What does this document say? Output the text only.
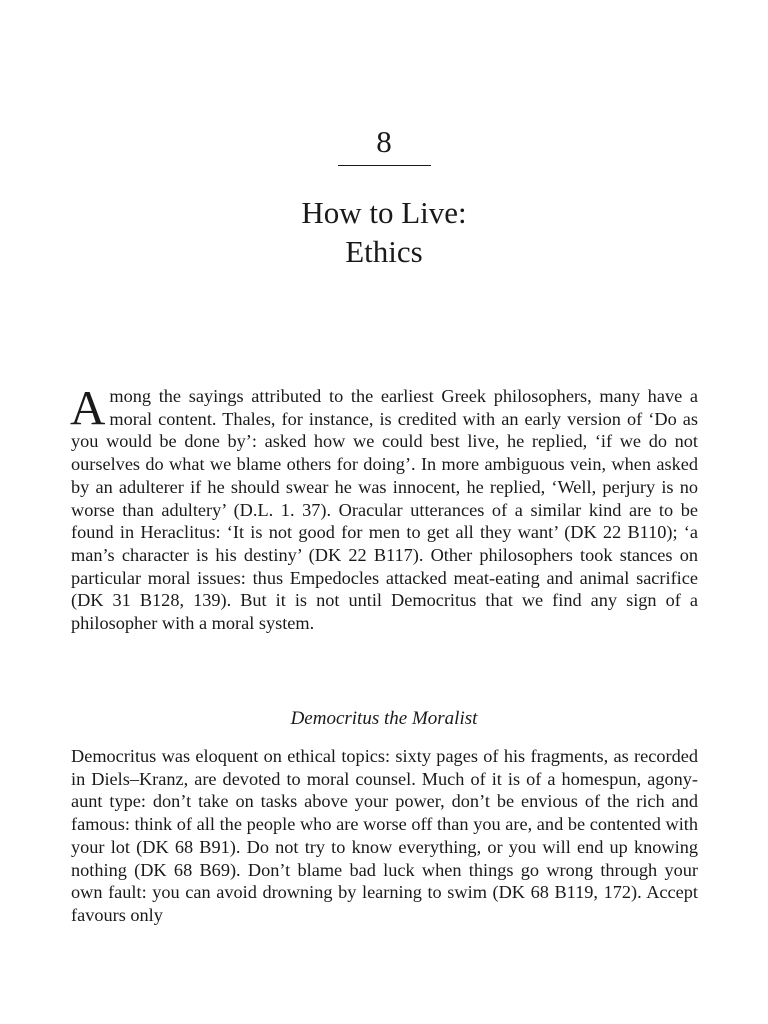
8
How to Live:
Ethics
Among the sayings attributed to the earliest Greek philosophers, many have a moral content. Thales, for instance, is credited with an early version of ‘Do as you would be done by’: asked how we could best live, he replied, ‘if we do not ourselves do what we blame others for doing’. In more ambiguous vein, when asked by an adulterer if he should swear he was innocent, he replied, ‘Well, perjury is no worse than adultery’ (D.L. 1. 37). Oracular utterances of a similar kind are to be found in Heraclitus: ‘It is not good for men to get all they want’ (DK 22 B110); ‘a man’s character is his destiny’ (DK 22 B117). Other philosophers took stances on particular moral issues: thus Empedocles attacked meat-eating and animal sacrifice (DK 31 B128, 139). But it is not until Democritus that we find any sign of a philosopher with a moral system.
Democritus the Moralist
Democritus was eloquent on ethical topics: sixty pages of his fragments, as recorded in Diels–Kranz, are devoted to moral counsel. Much of it is of a homespun, agony-aunt type: don’t take on tasks above your power, don’t be envious of the rich and famous: think of all the people who are worse off than you are, and be contented with your lot (DK 68 B91). Do not try to know everything, or you will end up knowing nothing (DK 68 B69). Don’t blame bad luck when things go wrong through your own fault: you can avoid drowning by learning to swim (DK 68 B119, 172). Accept favours only
